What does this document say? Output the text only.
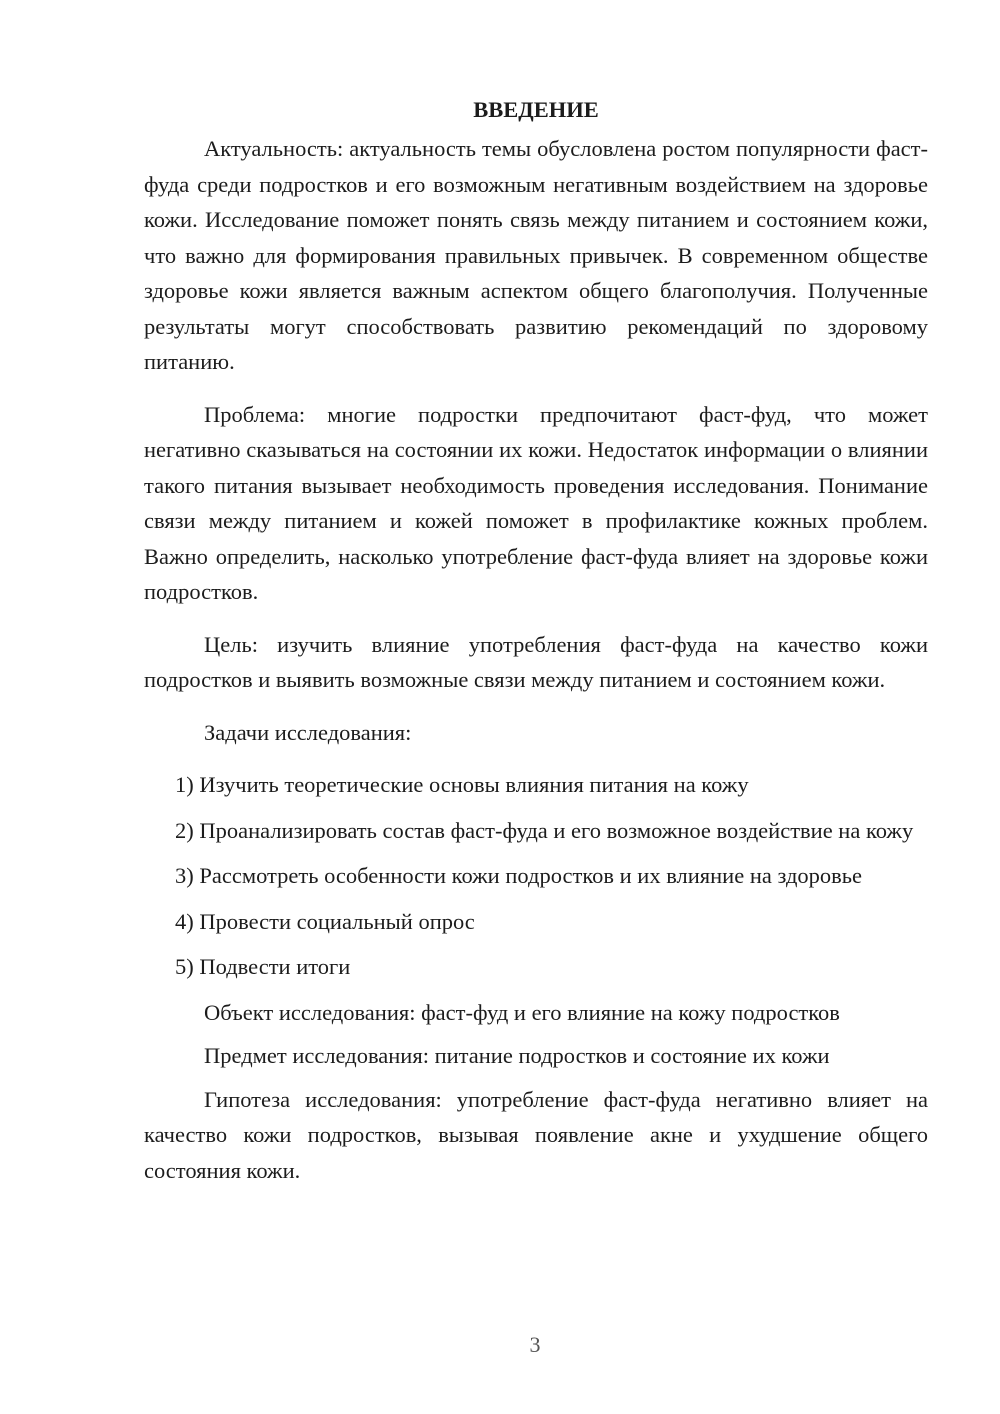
ВВЕДЕНИЕ

Актуальность: актуальность темы обусловлена ростом популярности фаст-фуда среди подростков и его возможным негативным воздействием на здоровье кожи. Исследование поможет понять связь между питанием и состоянием кожи, что важно для формирования правильных привычек. В современном обществе здоровье кожи является важным аспектом общего благополучия. Полученные результаты могут способствовать развитию рекомендаций по здоровому питанию.

Проблема: многие подростки предпочитают фаст-фуд, что может негативно сказываться на состоянии их кожи. Недостаток информации о влиянии такого питания вызывает необходимость проведения исследования. Понимание связи между питанием и кожей поможет в профилактике кожных проблем. Важно определить, насколько употребление фаст-фуда влияет на здоровье кожи подростков.

Цель: изучить влияние употребления фаст-фуда на качество кожи подростков и выявить возможные связи между питанием и состоянием кожи.

Задачи исследования:

1) Изучить теоретические основы влияния питания на кожу

2) Проанализировать состав фаст-фуда и его возможное воздействие на кожу

3) Рассмотреть особенности кожи подростков и их влияние на здоровье

4) Провести социальный опрос

5) Подвести итоги

Объект исследования: фаст-фуд и его влияние на кожу подростков

Предмет исследования: питание подростков и состояние их кожи

Гипотеза исследования: употребление фаст-фуда негативно влияет на качество кожи подростков, вызывая появление акне и ухудшение общего состояния кожи.

3
